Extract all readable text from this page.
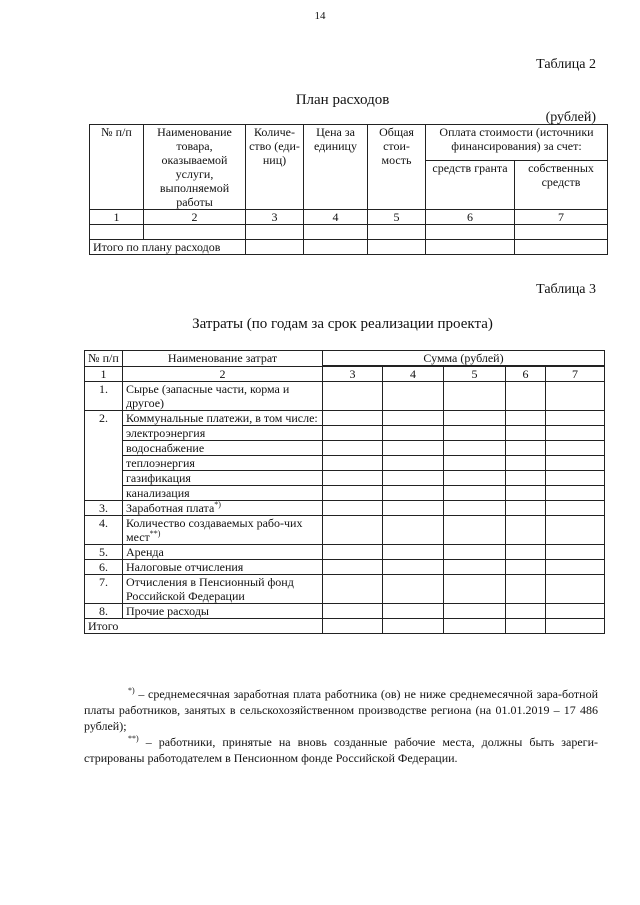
14
Таблица 2
План расходов
(рублей)
№ п/п	Наименование товара, оказываемой услуги, выполняемой работы	Количе-ство (еди-ниц)	Цена за единицу	Общая стои-мость	Оплата стоимости (источники финансирования) за счет:	
					средств гранта	собственных средств
1	2	3	4	5	6	7

Итого по плану расходов						
Таблица 3
Затраты (по годам за срок реализации проекта)
№ п/п	Наименование затрат	Сумма (рублей)				

1	2	3	4	5	6	7
1.	Сырье (запасные части, корма и другое)					
2.	Коммунальные платежи, в том числе:					
	электроэнергия					
	водоснабжение					
	теплоэнергия					
	газификация					
	канализация					
3.	Заработная плата*)					
4.	Количество создаваемых рабо-чих мест**)					
5.	Аренда					
6.	Налоговые отчисления					
7.	Отчисления в Пенсионный фонд Российской Федерации					
8.	Прочие расходы					
Итого						

*) – среднемесячная заработная плата работника (ов) не ниже среднемесячной зара-ботной платы работников, занятых в сельскохозяйственном производстве региона (на 01.01.2019 – 17 486 рублей);

**) – работники, принятые на вновь созданные рабочие места, должны быть зареги-стрированы работодателем в Пенсионном фонде Российской Федерации.
